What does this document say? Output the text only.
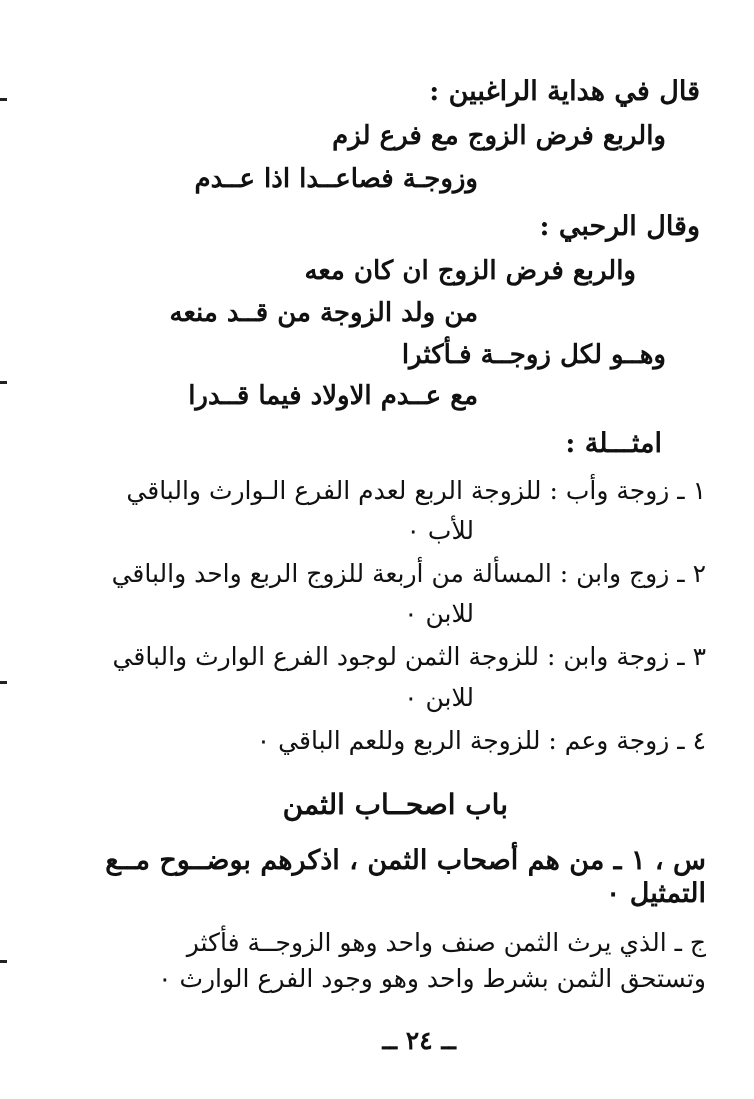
قال في هداية الراغبين :
والربع فرض الزوج مع فرع لزم
وزوجـة فصاعــدا اذا عــدم
وقال الرحبي :
والربع فرض الزوج ان كان معه
من ولد الزوجة من قــد منعه
وهــو لكل زوجــة فـأكثرا
مع عــدم الاولاد فيما قــدرا
امثـــلة :
١ ـ زوجة وأب : للزوجة الربع لعدم الفرع الـوارث والباقي
للأب ٠
٢ ـ زوج وابن : المسألة من أربعة للزوج الربع واحد والباقي
للابن ٠
٣ ـ زوجة وابن : للزوجة الثمن لوجود الفرع الوارث والباقي
للابن ٠
٤ ـ زوجة وعم : للزوجة الربع وللعم الباقي ٠
باب اصحــاب الثمن
س ، ١ ـ من هم أصحاب الثمن ، اذكرهم بوضــوح مــع
التمثيل ٠
ج ـ الذي يرث الثمن صنف واحد وهو الزوجــة فأكثر
وتستحق الثمن بشرط واحد وهو وجود الفرع الوارث ٠
ــ ٢٤ ــ
